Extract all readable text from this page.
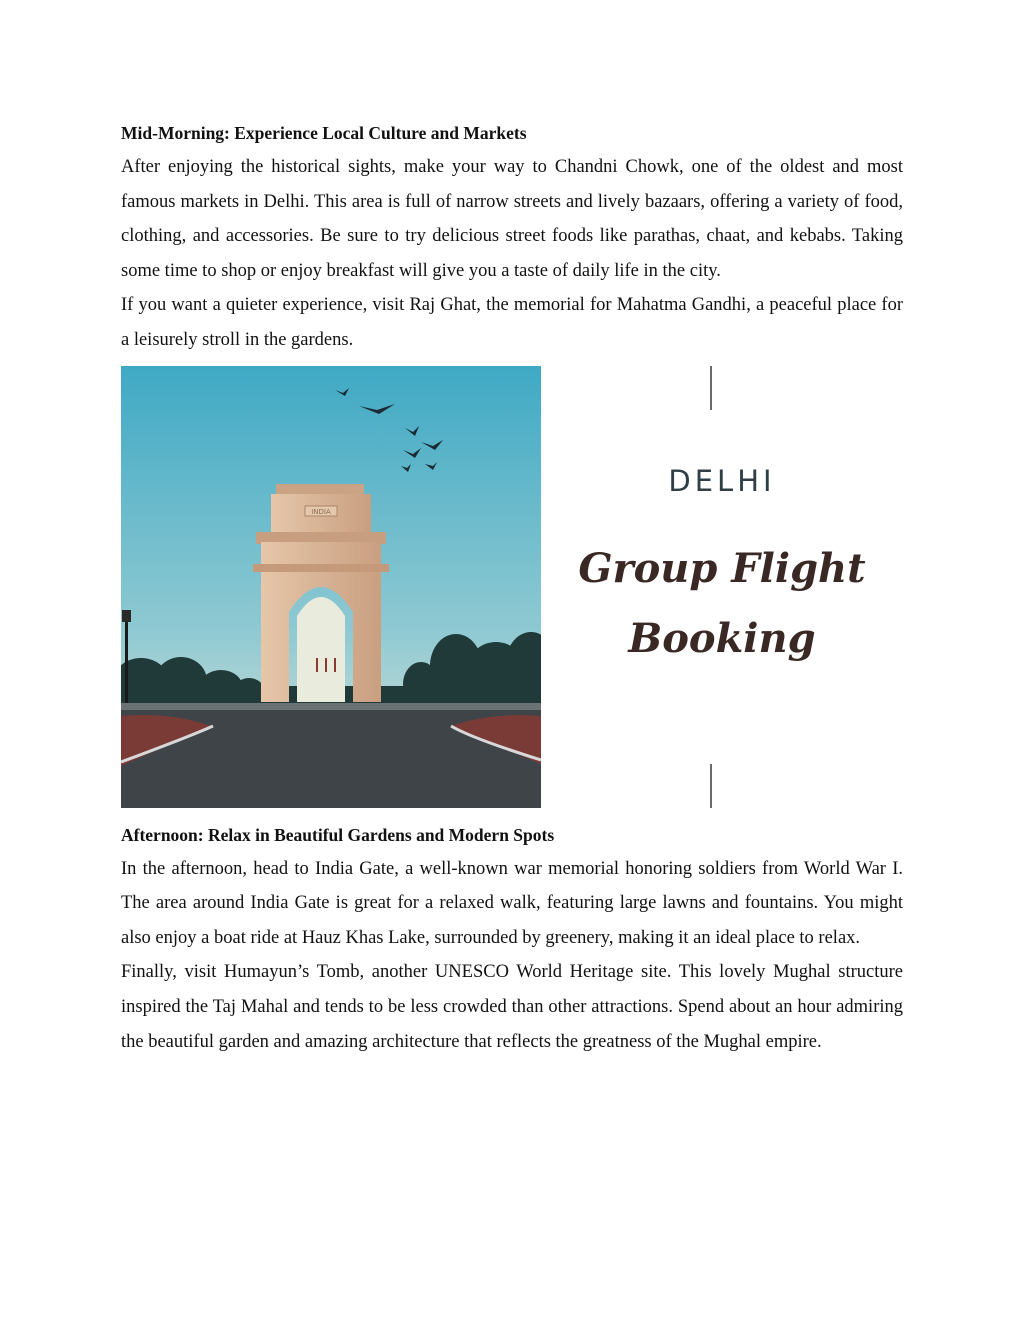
Mid-Morning: Experience Local Culture and Markets

After enjoying the historical sights, make your way to Chandni Chowk, one of the oldest and most famous markets in Delhi. This area is full of narrow streets and lively bazaars, offering a variety of food, clothing, and accessories. Be sure to try delicious street foods like parathas, chaat, and kebabs. Taking some time to shop or enjoy breakfast will give you a taste of daily life in the city.

If you want a quieter experience, visit Raj Ghat, the memorial for Mahatma Gandhi, a peaceful place for a leisurely stroll in the gardens.

INDIA
DELHI
Group Flight
Booking

Afternoon: Relax in Beautiful Gardens and Modern Spots

In the afternoon, head to India Gate, a well-known war memorial honoring soldiers from World War I. The area around India Gate is great for a relaxed walk, featuring large lawns and fountains. You might also enjoy a boat ride at Hauz Khas Lake, surrounded by greenery, making it an ideal place to relax.

Finally, visit Humayun’s Tomb, another UNESCO World Heritage site. This lovely Mughal structure inspired the Taj Mahal and tends to be less crowded than other attractions. Spend about an hour admiring the beautiful garden and amazing architecture that reflects the greatness of the Mughal empire.
